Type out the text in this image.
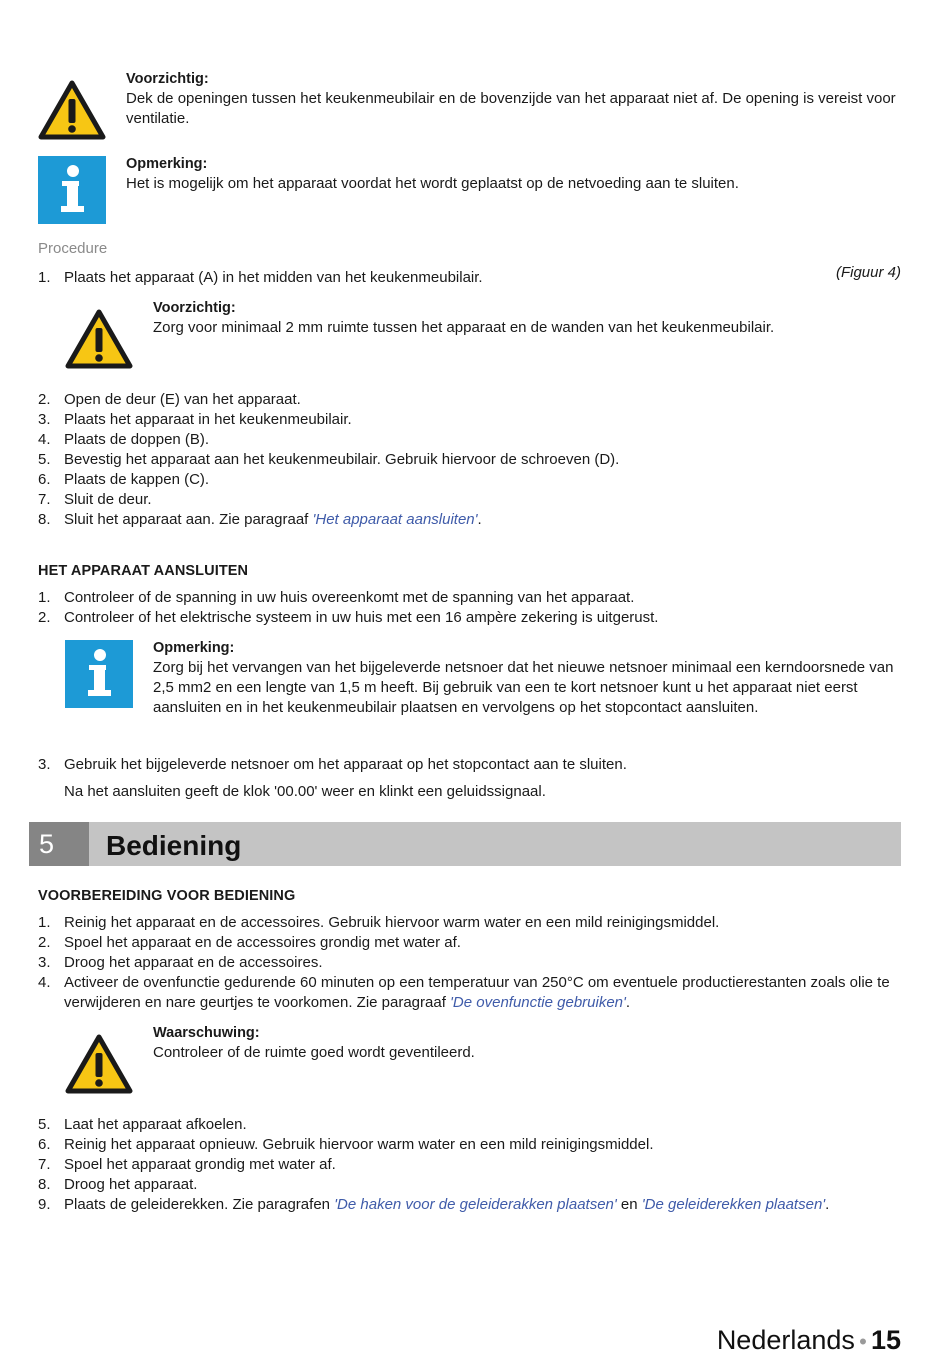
Voorzichtig:
Dek de openingen tussen het keukenmeubilair en de bovenzijde van het apparaat niet af. De opening is vereist voor ventilatie.
Opmerking:
Het is mogelijk om het apparaat voordat het wordt geplaatst op de netvoeding aan te sluiten.
Procedure
(Figuur 4)
1. Plaats het apparaat (A) in het midden van het keukenmeubilair.
Voorzichtig:
Zorg voor minimaal 2 mm ruimte tussen het apparaat en de wanden van het keukenmeubilair.
2. Open de deur (E) van het apparaat.
3. Plaats het apparaat in het keukenmeubilair.
4. Plaats de doppen (B).
5. Bevestig het apparaat aan het keukenmeubilair. Gebruik hiervoor de schroeven (D).
6. Plaats de kappen (C).
7. Sluit de deur.
8. Sluit het apparaat aan. Zie paragraaf 'Het apparaat aansluiten'.
HET APPARAAT AANSLUITEN
1. Controleer of de spanning in uw huis overeenkomt met de spanning van het apparaat.
2. Controleer of het elektrische systeem in uw huis met een 16 ampère zekering is uitgerust.
Opmerking:
Zorg bij het vervangen van het bijgeleverde netsnoer dat het nieuwe netsnoer minimaal een kerndoorsnede van 2,5 mm2 en een lengte van 1,5 m heeft. Bij gebruik van een te kort netsnoer kunt u het apparaat niet eerst aansluiten en in het keukenmeubilair plaatsen en vervolgens op het stopcontact aansluiten.
3. Gebruik het bijgeleverde netsnoer om het apparaat op het stopcontact aan te sluiten.
Na het aansluiten geeft de klok '00.00' weer en klinkt een geluidssignaal.
5	Bediening
VOORBEREIDING VOOR BEDIENING
1. Reinig het apparaat en de accessoires. Gebruik hiervoor warm water en een mild reinigingsmiddel.
2. Spoel het apparaat en de accessoires grondig met water af.
3. Droog het apparaat en de accessoires.
4. Activeer de ovenfunctie gedurende 60 minuten op een temperatuur van 250°C om eventuele productierestanten zoals olie te verwijderen en nare geurtjes te voorkomen. Zie paragraaf 'De ovenfunctie gebruiken'.
Waarschuwing:
Controleer of de ruimte goed wordt geventileerd.
5. Laat het apparaat afkoelen.
6. Reinig het apparaat opnieuw. Gebruik hiervoor warm water en een mild reinigingsmiddel.
7. Spoel het apparaat grondig met water af.
8. Droog het apparaat.
9. Plaats de geleiderekken. Zie paragrafen 'De haken voor de geleiderakken plaatsen' en 'De geleiderekken plaatsen'.
Nederlands • 15
